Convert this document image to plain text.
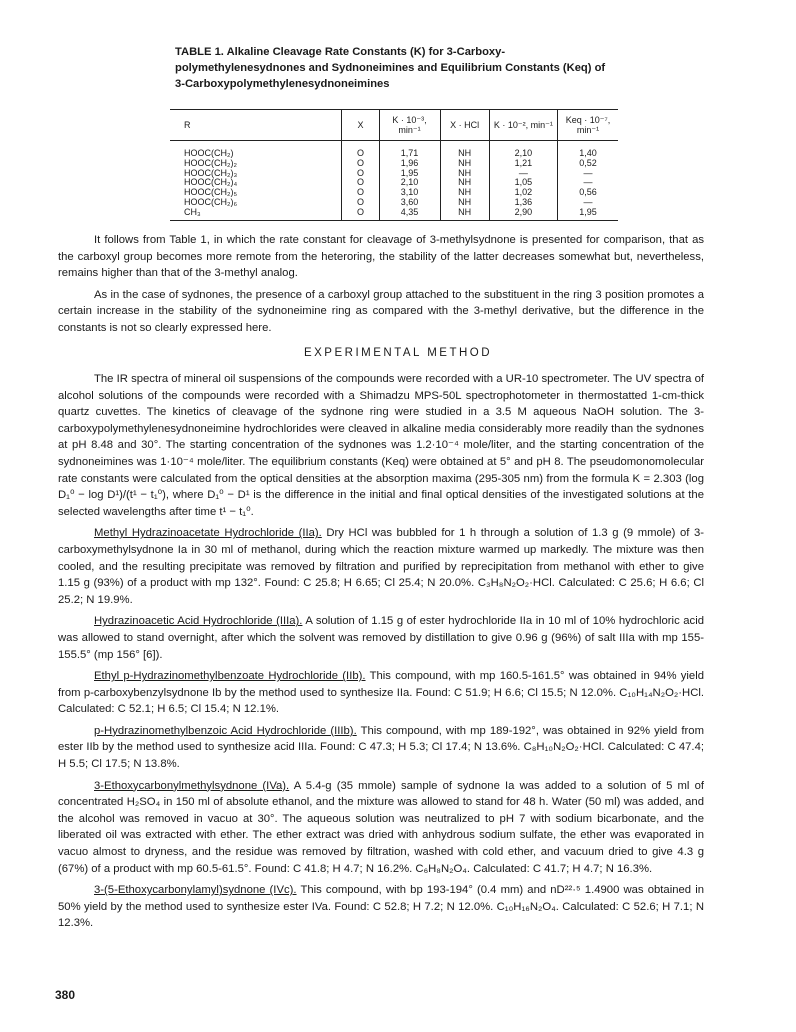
TABLE 1. Alkaline Cleavage Rate Constants (K) for 3-Carboxy-polymethylenesydnones and Sydnoneimines and Equilibrium Constants (Keq) of 3-Carboxypolymethylenesydnoneimines
R	X	K · 10⁻³, min⁻¹	X · HCl	K · 10⁻², min⁻¹	Keq · 10⁻⁷, min⁻¹
HOOC(CH₂)	O	1,71	NH	2,10	1,40
HOOC(CH₂)₂	O	1,96	NH	1,21	0,52
HOOC(CH₂)₃	O	1,95	NH	—	—
HOOC(CH₂)₄	O	2,10	NH	1,05	—
HOOC(CH₂)₅	O	3,10	NH	1,02	0,56
HOOC(CH₂)₆	O	3,60	NH	1,36	—
CH₃	O	4,35	NH	2,90	1,95

It follows from Table 1, in which the rate constant for cleavage of 3-methylsydnone is presented for comparison, that as the carboxyl group becomes more remote from the heteroring, the stability of the latter decreases somewhat but, nevertheless, remains higher than that of the 3-methyl analog.

As in the case of sydnones, the presence of a carboxyl group attached to the substituent in the ring 3 position promotes a certain increase in the stability of the sydnoneimine ring as compared with the 3-methyl derivative, but the difference in the constants is not so clearly expressed here.

EXPERIMENTAL METHOD

The IR spectra of mineral oil suspensions of the compounds were recorded with a UR-10 spectrometer. The UV spectra of alcohol solutions of the compounds were recorded with a Shimadzu MPS-50L spectrophotometer in thermostatted 1-cm-thick quartz cuvettes. The kinetics of cleavage of the sydnone ring were studied in a 3.5 M aqueous NaOH solution. The 3-carboxypolymethylenesydnoneimine hydrochlorides were cleaved in alkaline media considerably more readily than the sydnones at pH 8.48 and 30°. The starting concentration of the sydnones was 1.2·10⁻⁴ mole/liter, and the starting concentration of the sydnoneimines was 1·10⁻⁴ mole/liter. The equilibrium constants (Keq) were obtained at 5° and pH 8. The pseudomonomolecular rate constants were calculated from the optical densities at the absorption maxima (295-305 nm) from the formula K = 2.303 (log D₁⁰ − log D¹)/(t¹ − t₁⁰), where D₁⁰ − D¹ is the difference in the initial and final optical densities of the investigated solutions at the selected wavelengths after time t¹ − t₁⁰.

Methyl Hydrazinoacetate Hydrochloride (IIa). Dry HCl was bubbled for 1 h through a solution of 1.3 g (9 mmole) of 3-carboxymethylsydnone Ia in 30 ml of methanol, during which the reaction mixture warmed up markedly. The mixture was then cooled, and the resulting precipitate was removed by filtration and purified by reprecipitation from methanol with ether to give 1.15 g (93%) of a product with mp 132°. Found: C 25.8; H 6.65; Cl 25.4; N 20.0%. C₃H₈N₂O₂·HCl. Calculated: C 25.6; H 6.6; Cl 25.2; N 19.9%.

Hydrazinoacetic Acid Hydrochloride (IIIa). A solution of 1.15 g of ester hydrochloride IIa in 10 ml of 10% hydrochloric acid was allowed to stand overnight, after which the solvent was removed by distillation to give 0.96 g (96%) of salt IIIa with mp 155-155.5° (mp 156° [6]).

Ethyl p-Hydrazinomethylbenzoate Hydrochloride (IIb). This compound, with mp 160.5-161.5° was obtained in 94% yield from p-carboxybenzylsydnone Ib by the method used to synthesize IIa. Found: C 51.9; H 6.6; Cl 15.5; N 12.0%. C₁₀H₁₄N₂O₂·HCl. Calculated: C 52.1; H 6.5; Cl 15.4; N 12.1%.

p-Hydrazinomethylbenzoic Acid Hydrochloride (IIIb). This compound, with mp 189-192°, was obtained in 92% yield from ester IIb by the method used to synthesize acid IIIa. Found: C 47.3; H 5.3; Cl 17.4; N 13.6%. C₈H₁₀N₂O₂·HCl. Calculated: C 47.4; H 5.5; Cl 17.5; N 13.8%.

3-Ethoxycarbonylmethylsydnone (IVa). A 5.4-g (35 mmole) sample of sydnone Ia was added to a solution of 5 ml of concentrated H₂SO₄ in 150 ml of absolute ethanol, and the mixture was allowed to stand for 48 h. Water (50 ml) was added, and the alcohol was removed in vacuo at 30°. The aqueous solution was neutralized to pH 7 with sodium bicarbonate, and the liberated oil was extracted with ether. The ether extract was dried with anhydrous sodium sulfate, the ether was evaporated in vacuo almost to dryness, and the residue was removed by filtration, washed with cold ether, and vacuum dried to give 4.3 g (67%) of a product with mp 60.5-61.5°. Found: C 41.8; H 4.7; N 16.2%. C₆H₈N₂O₄. Calculated: C 41.7; H 4.7; N 16.3%.

3-(5-Ethoxycarbonylamyl)sydnone (IVc). This compound, with bp 193-194° (0.4 mm) and nD²²·⁵ 1.4900 was obtained in 50% yield by the method used to synthesize ester IVa. Found: C 52.8; H 7.2; N 12.0%. C₁₀H₁₆N₂O₄. Calculated: C 52.6; H 7.1; N 12.3%.

380
